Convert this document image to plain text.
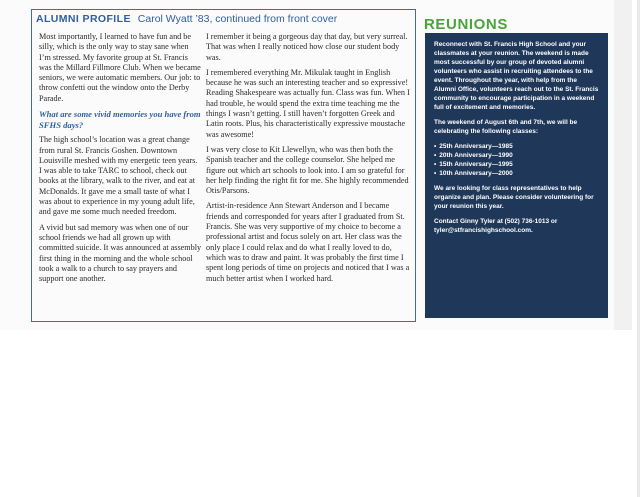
ALUMNI PROFILE Carol Wyatt ’83, continued from front cover

Most importantly, I learned to have fun and be silly, which is the only way to stay sane when I’m stressed. My favorite group at St. Francis was the Millard Fillmore Club. When we became seniors, we were automatic members. Our job: to throw confetti out the window onto the Derby Parade.

What are some vivid memories you have from SFHS days?

The high school’s location was a great change from rural St. Francis Goshen. Downtown Louisville meshed with my energetic teen years. I was able to take TARC to school, check out books at the library, walk to the river, and eat at McDonalds. It gave me a small taste of what I was about to experience in my young adult life, and gave me some much needed freedom.

A vivid but sad memory was when one of our school friends we had all grown up with committed suicide. It was announced at assembly first thing in the morning and the whole school took a walk to a church to say prayers and support one another.

I remember it being a gorgeous day that day, but very surreal. That was when I really noticed how close our student body was.

I remembered everything Mr. Mikulak taught in English because he was such an interesting teacher and so expressive! Reading Shakespeare was actually fun. Class was fun. When I had trouble, he would spend the extra time teaching me the things I wasn’t getting. I still haven’t forgotten Greek and Latin roots. Plus, his characteristically expressive moustache was awesome!

I was very close to Kit Llewellyn, who was then both the Spanish teacher and the college counselor. She helped me figure out which art schools to look into. I am so grateful for her help finding the right fit for me. She highly recommended Otis/Parsons.

Artist-in-residence Ann Stewart Anderson and I became friends and corresponded for years after I graduated from St. Francis. She was very supportive of my choice to become a professional artist and focus solely on art. Her class was the only place I could relax and do what I really loved to do, which was to draw and paint. It was probably the first time I spent long periods of time on projects and noticed that I was a much better artist when I worked hard.

REUNIONS

Reconnect with St. Francis High School and your classmates at your reunion. The weekend is made most successful by our group of devoted alumni volunteers who assist in recruiting attendees to the event. Throughout the year, with help from the Alumni Office, volunteers reach out to the St. Francis community to encourage participation in a weekend full of excitement and memories.

The weekend of August 6th and 7th, we will be celebrating the following classes:

• 25th Anniversary—1985
• 20th Anniversary—1990
• 15th Anniversary—1995
• 10th Anniversary—2000

We are looking for class representatives to help organize and plan. Please consider volunteering for your reunion this year.

Contact Ginny Tyler at (502) 736-1013 or tyler@stfrancishighschool.com.
